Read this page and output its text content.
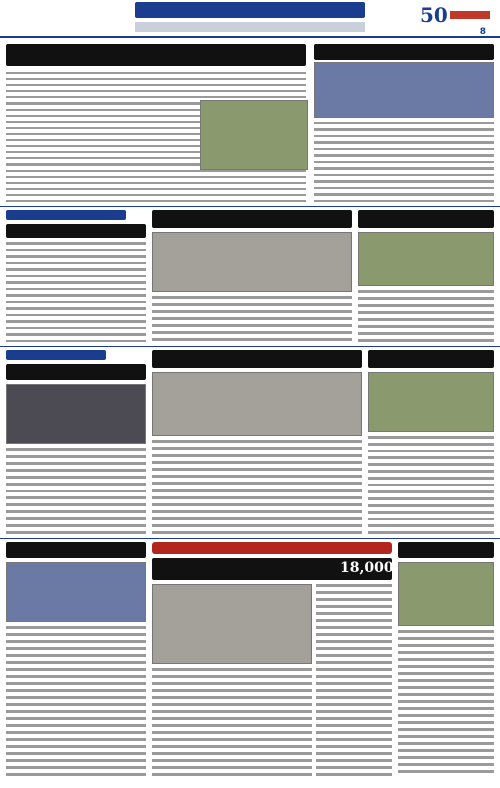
50
8
18,000
